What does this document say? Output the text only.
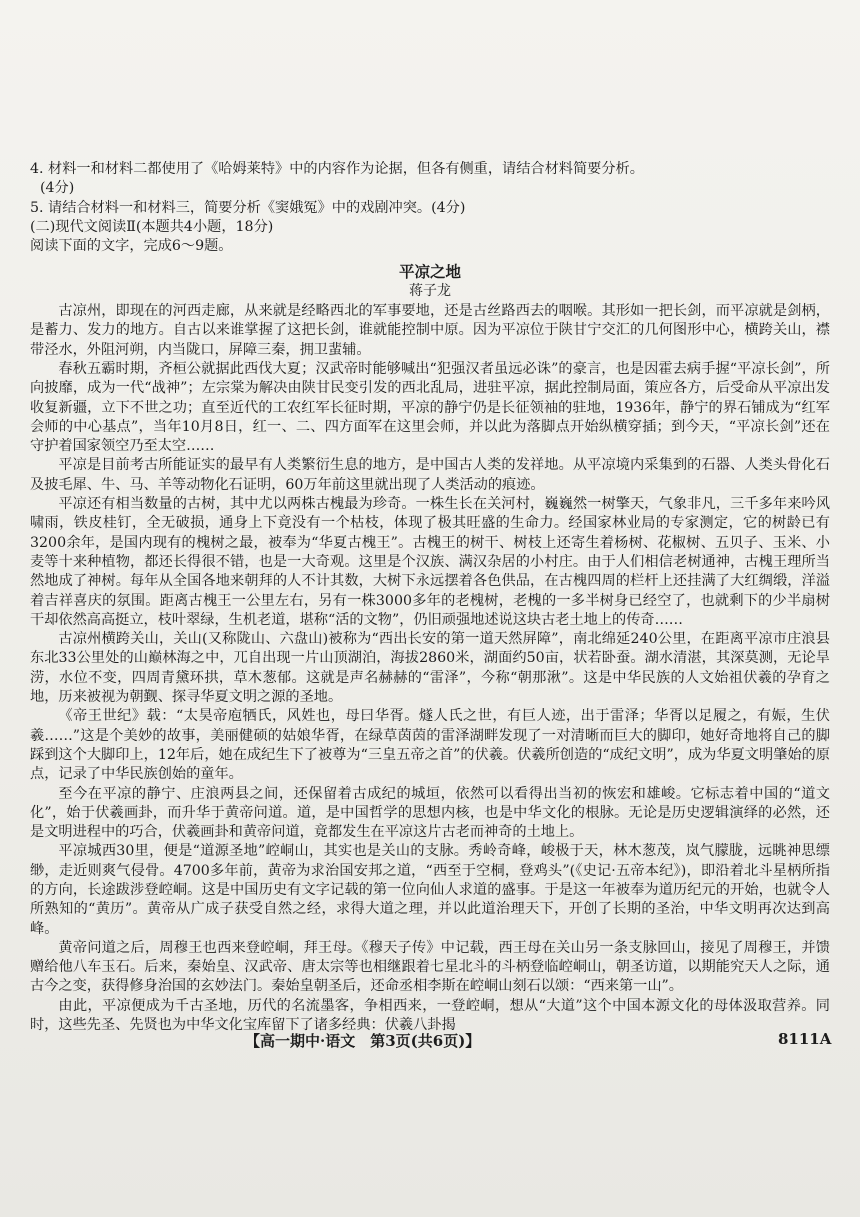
4. 材料一和材料二都使用了《哈姆莱特》中的内容作为论据，但各有侧重，请结合材料简要分析。

(4分)

5. 请结合材料一和材料三，简要分析《窦娥冤》中的戏剧冲突。(4分)

(二)现代文阅读Ⅱ(本题共4小题，18分)

阅读下面的文字，完成6～9题。

平凉之地
蒋子龙

古凉州，即现在的河西走廊，从来就是经略西北的军事要地，还是古丝路西去的咽喉。其形如一把长剑，而平凉就是剑柄，是蓄力、发力的地方。自古以来谁掌握了这把长剑，谁就能控制中原。因为平凉位于陕甘宁交汇的几何图形中心，横跨关山，襟带泾水，外阻河朔，内当陇口，屏障三秦，拥卫蜚辅。

春秋五霸时期，齐桓公就据此西伐大夏；汉武帝时能够喊出“犯强汉者虽远必诛”的豪言，也是因霍去病手握“平凉长剑”，所向披靡，成为一代“战神”；左宗棠为解决由陕甘民变引发的西北乱局，进驻平凉，据此控制局面，策应各方，后受命从平凉出发收复新疆，立下不世之功；直至近代的工农红军长征时期，平凉的静宁仍是长征领袖的驻地，1936年，静宁的界石铺成为“红军会师的中心基点”，当年10月8日，红一、二、四方面军在这里会师，并以此为落脚点开始纵横穿插；到今天，“平凉长剑”还在守护着国家领空乃至太空……

平凉是目前考古所能证实的最早有人类繁衍生息的地方，是中国古人类的发祥地。从平凉境内采集到的石器、人类头骨化石及披毛犀、牛、马、羊等动物化石证明，60万年前这里就出现了人类活动的痕迹。

平凉还有相当数量的古树，其中尤以两株古槐最为珍奇。一株生长在关河村，巍巍然一树擎天，气象非凡，三千多年来吟风啸雨，铁皮桂钉，全无破损，通身上下竟没有一个枯枝，体现了极其旺盛的生命力。经国家林业局的专家测定，它的树龄已有3200余年，是国内现有的槐树之最，被奉为“华夏古槐王”。古槐王的树干、树枝上还寄生着杨树、花椒树、五贝子、玉米、小麦等十来种植物，都还长得很不错，也是一大奇观。这里是个汉族、满汉杂居的小村庄。由于人们相信老树通神，古槐王理所当然地成了神树。每年从全国各地来朝拜的人不计其数，大树下永远摆着各色供品，在古槐四周的栏杆上还挂满了大红绸缎，洋溢着吉祥喜庆的氛围。距离古槐王一公里左右，另有一株3000多年的老槐树，老槐的一多半树身已经空了，也就剩下的少半扇树干却依然高高挺立，枝叶翠绿，生机老道，堪称“活的文物”，仍旧顽强地述说这块古老土地上的传奇……

古凉州横跨关山，关山(又称陇山、六盘山)被称为“西出长安的第一道天然屏障”，南北绵延240公里，在距离平凉市庄浪县东北33公里处的山巅林海之中，兀自出现一片山顶湖泊，海拔2860米，湖面约50亩，状若卧蚕。湖水清湛，其深莫测，无论旱涝，水位不变，四周青黛环拱，草木葱郁。这就是声名赫赫的“雷泽”，今称“朝那湫”。这是中华民族的人文始祖伏羲的孕育之地，历来被视为朝觐、探寻华夏文明之源的圣地。

《帝王世纪》载：“太昊帝庖牺氏，风姓也，母曰华胥。燧人氏之世，有巨人迹，出于雷泽；华胥以足履之，有娠，生伏羲……”这是个美妙的故事，美丽健硕的姑娘华胥，在绿草茵茵的雷泽湖畔发现了一对清晰而巨大的脚印，她好奇地将自己的脚踩到这个大脚印上，12年后，她在成纪生下了被尊为“三皇五帝之首”的伏羲。伏羲所创造的“成纪文明”，成为华夏文明肇始的原点，记录了中华民族创始的童年。

至今在平凉的静宁、庄浪两县之间，还保留着古成纪的城垣，依然可以看得出当初的恢宏和雄峻。它标志着中国的“道文化”，始于伏羲画卦，而升华于黄帝问道。道，是中国哲学的思想内核，也是中华文化的根脉。无论是历史逻辑演绎的必然，还是文明进程中的巧合，伏羲画卦和黄帝问道，竟都发生在平凉这片古老而神奇的土地上。

平凉城西30里，便是“道源圣地”崆峒山，其实也是关山的支脉。秀岭奇峰，峻极于天，林木葱茂，岚气朦胧，远眺神思缥缈，走近则爽气侵骨。4700多年前，黄帝为求治国安邦之道，“西至于空桐，登鸡头”(《史记·五帝本纪》)，即沿着北斗星柄所指的方向，长途跋涉登崆峒。这是中国历史有文字记载的第一位向仙人求道的盛事。于是这一年被奉为道历纪元的开始，也就令人所熟知的“黄历”。黄帝从广成子获受自然之经，求得大道之理，并以此道治理天下，开创了长期的圣治，中华文明再次达到高峰。

黄帝问道之后，周穆王也西来登崆峒，拜王母。《穆天子传》中记载，西王母在关山另一条支脉回山，接见了周穆王，并馈赠给他八车玉石。后来，秦始皇、汉武帝、唐太宗等也相继跟着七星北斗的斗柄登临崆峒山，朝圣访道，以期能究天人之际，通古今之变，获得修身治国的玄妙法门。秦始皇朝圣后，还命丞相李斯在崆峒山刻石以颂：“西来第一山”。

由此，平凉便成为千古圣地，历代的名流墨客，争相西来，一登崆峒，想从“大道”这个中国本源文化的母体汲取营养。同时，这些先圣、先贤也为中华文化宝库留下了诸多经典：伏羲八卦揭

【高一期中·语文　第3页(共6页)】	8111A
